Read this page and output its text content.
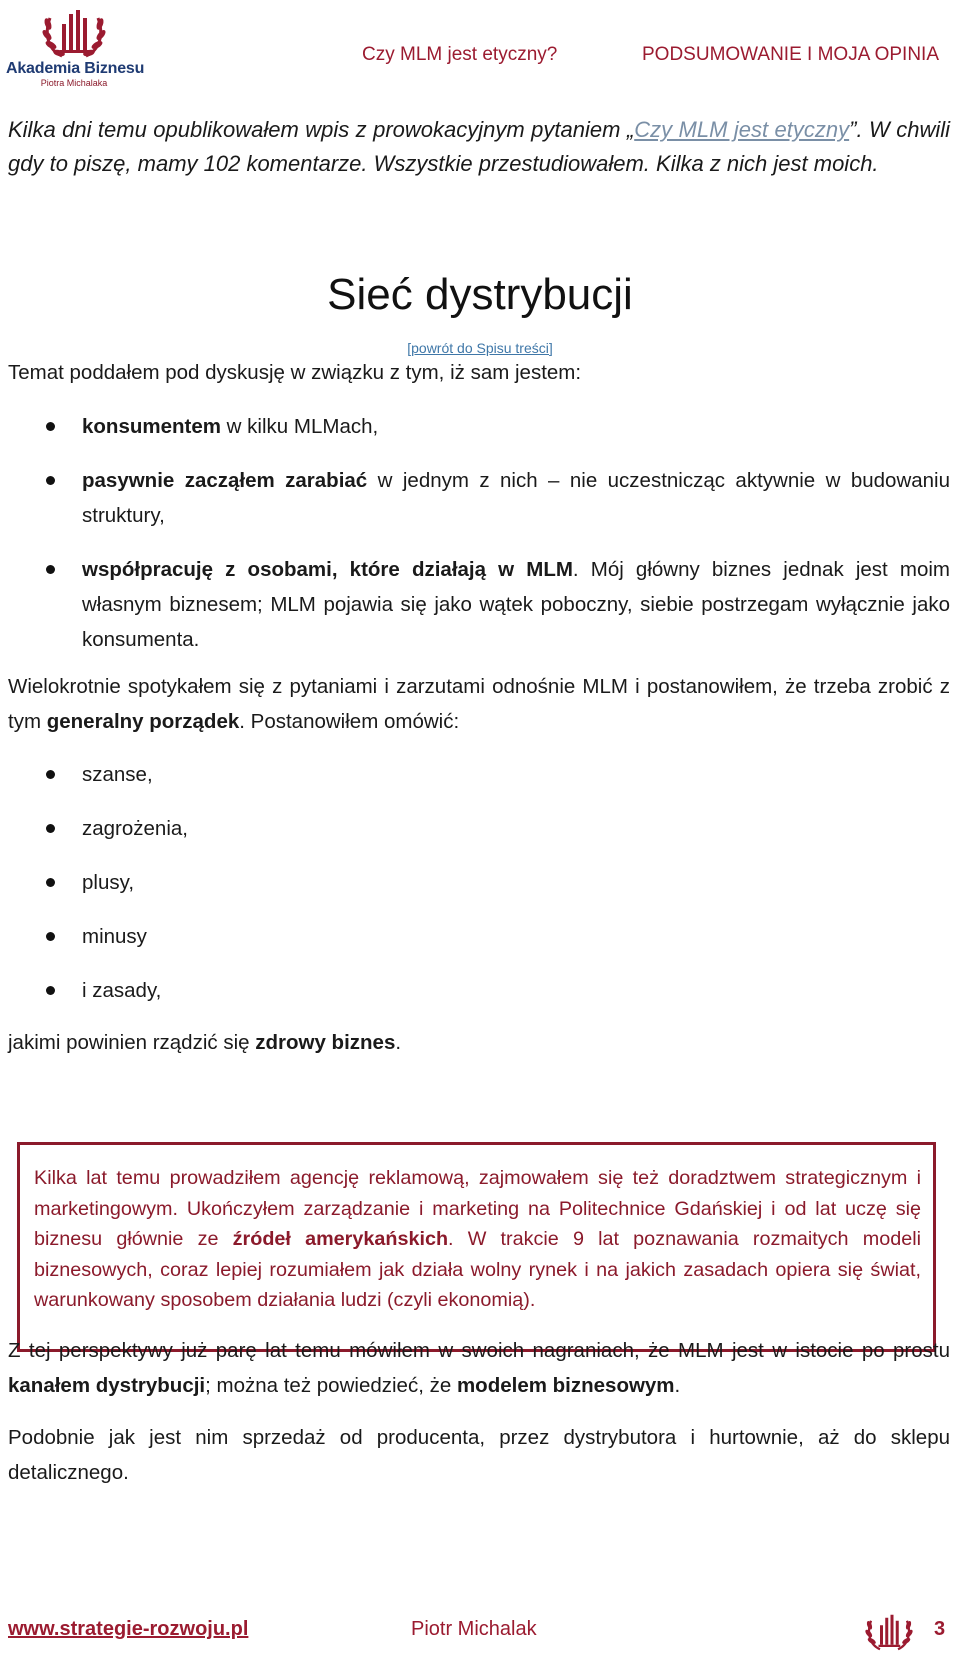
Akademia Biznesu
Piotra Michalaka
Czy MLM jest etyczny?	PODSUMOWANIE I MOJA OPINIA

Kilka dni temu opublikowałem wpis z prowokacyjnym pytaniem „Czy MLM jest etyczny”. W chwili gdy to piszę, mamy 102 komentarze. Wszystkie przestudiowałem. Kilka z nich jest moich.

Sieć dystrybucji
[powrót do Spisu treści]

Temat poddałem pod dyskusję w związku z tym, iż sam jestem:

konsumentem w kilku MLMach,
pasywnie zacząłem zarabiać w jednym z nich – nie uczestnicząc aktywnie w budowaniu struktury,
współpracuję z osobami, które działają w MLM. Mój główny biznes jednak jest moim własnym biznesem; MLM pojawia się jako wątek poboczny, siebie postrzegam wyłącznie jako konsumenta.

Wielokrotnie spotykałem się z pytaniami i zarzutami odnośnie MLM i postanowiłem, że trzeba zrobić z tym generalny porządek. Postanowiłem omówić:

szanse,
zagrożenia,
plusy,
minusy
i zasady,

jakimi powinien rządzić się zdrowy biznes.

Kilka lat temu prowadziłem agencję reklamową, zajmowałem się też doradztwem strategicznym i marketingowym. Ukończyłem zarządzanie i marketing na Politechnice Gdańskiej i od lat uczę się biznesu głównie ze źródeł amerykańskich. W trakcie 9 lat poznawania rozmaitych modeli biznesowych, coraz lepiej rozumiałem jak działa wolny rynek i na jakich zasadach opiera się świat, warunkowany sposobem działania ludzi (czyli ekonomią).

Z tej perspektywy już parę lat temu mówiłem w swoich nagraniach, że MLM jest w istocie po prostu kanałem dystrybucji; można też powiedzieć, że modelem biznesowym.

Podobnie jak jest nim sprzedaż od producenta, przez dystrybutora i hurtownie, aż do sklepu detalicznego.

www.strategie-rozwoju.pl	Piotr Michalak	3
